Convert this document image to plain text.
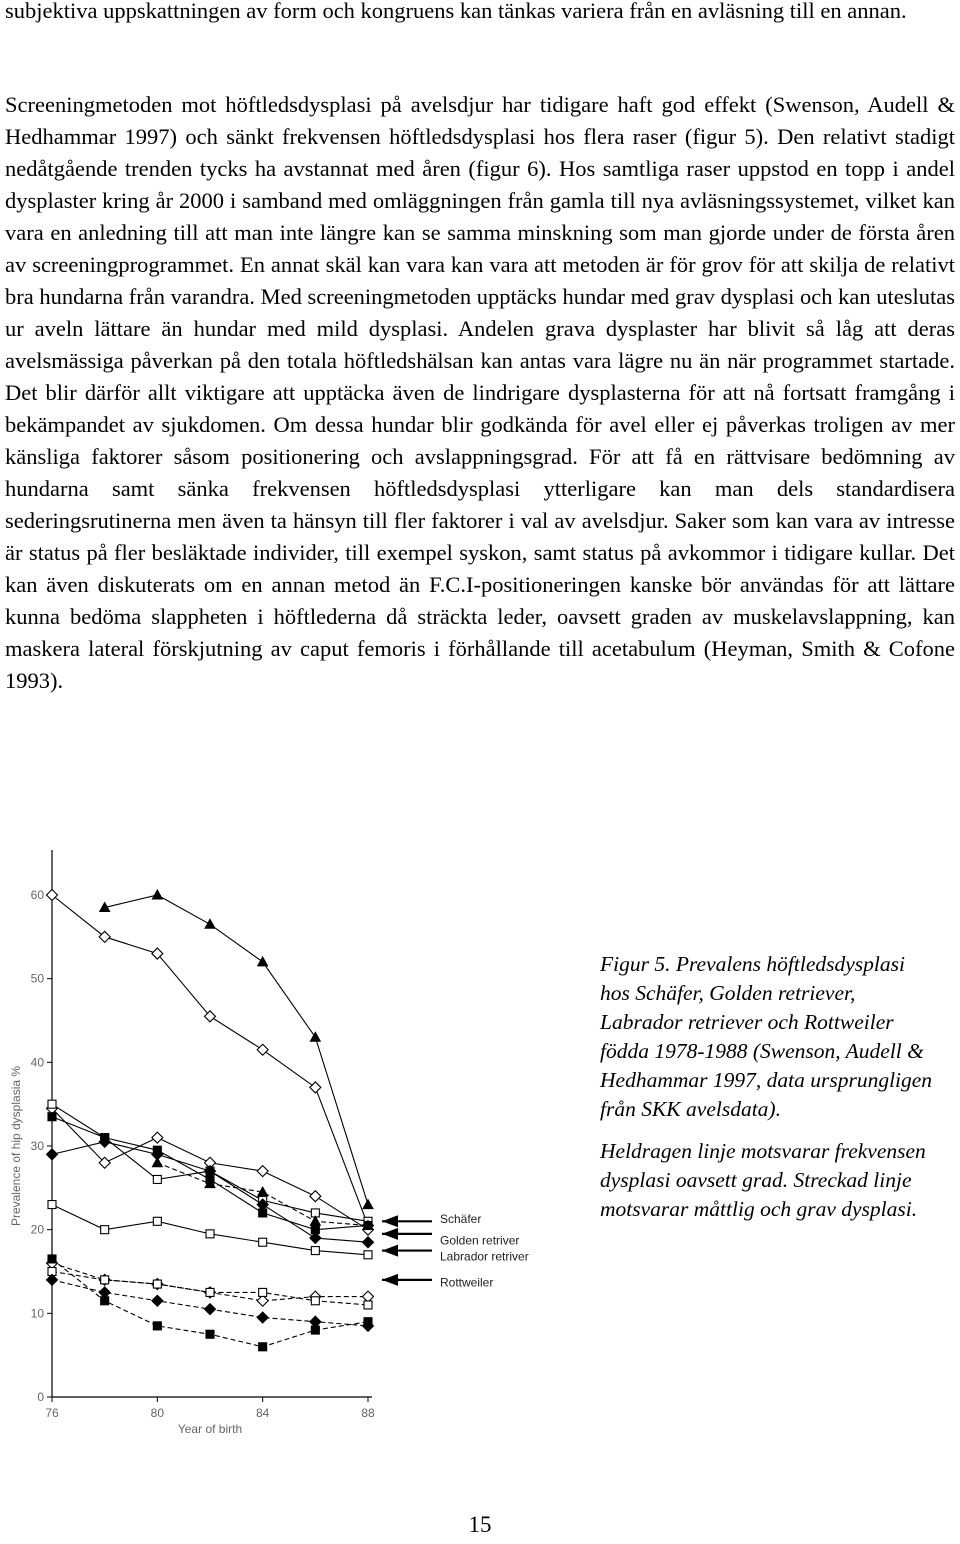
subjektiva uppskattningen av form och kongruens kan tänkas variera från en avläsning till en annan.

Screeningmetoden mot höftledsdysplasi på avelsdjur har tidigare haft god effekt (Swenson, Audell & Hedhammar 1997) och sänkt frekvensen höftledsdysplasi hos flera raser (figur 5). Den relativt stadigt nedåtgående trenden tycks ha avstannat med åren (figur 6). Hos samtliga raser uppstod en topp i andel dysplaster kring år 2000 i samband med omläggningen från gamla till nya avläsningssystemet, vilket kan vara en anledning till att man inte längre kan se samma minskning som man gjorde under de första åren av screeningprogrammet. En annat skäl kan vara kan vara att metoden är för grov för att skilja de relativt bra hundarna från varandra. Med screeningmetoden upptäcks hundar med grav dysplasi och kan uteslutas ur aveln lättare än hundar med mild dysplasi. Andelen grava dysplaster har blivit så låg att deras avelsmässiga påverkan på den totala höftledshälsan kan antas vara lägre nu än när programmet startade. Det blir därför allt viktigare att upptäcka även de lindrigare dysplasterna för att nå fortsatt framgång i bekämpandet av sjukdomen. Om dessa hundar blir godkända för avel eller ej påverkas troligen av mer känsliga faktorer såsom positionering och avslappningsgrad. För att få en rättvisare bedömning av hundarna samt sänka frekvensen höftledsdysplasi ytterligare kan man dels standardisera sederingsrutinerna men även ta hänsyn till fler faktorer i val av avelsdjur. Saker som kan vara av intresse är status på fler besläktade individer, till exempel syskon, samt status på avkommor i tidigare kullar. Det kan även diskuterats om en annan metod än F.C.I-positioneringen kanske bör användas för att lättare kunna bedöma slappheten i höftlederna då sträckta leder, oavsett graden av muskelavslappning, kan maskera lateral förskjutning av caput femoris i förhållande till acetabulum (Heyman, Smith & Cofone 1993).

0
10
20
30
40
50
60
76	80	84	88
Year of birth
Prevalence of hip dysplasia %	Schäfer
Golden retriver
Labrador retriver
Rottweiler

Figur 5. Prevalens höftledsdysplasi hos Schäfer, Golden retriever, Labrador retriever och Rottweiler födda 1978-1988 (Swenson, Audell & Hedhammar 1997, data ursprungligen från SKK avelsdata).

Heldragen linje motsvarar frekvensen dysplasi oavsett grad. Streckad linje motsvarar måttlig och grav dysplasi.

15
